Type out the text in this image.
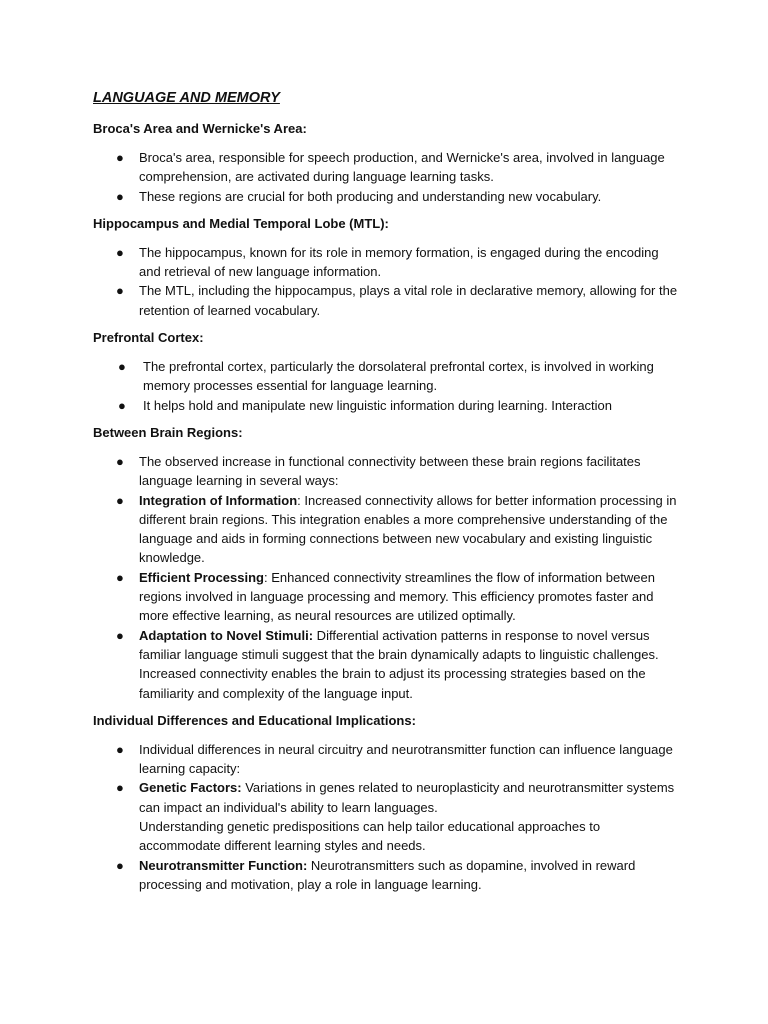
LANGUAGE AND MEMORY
Broca's Area and Wernicke's Area:
● Broca's area, responsible for speech production, and Wernicke's area, involved in language comprehension, are activated during language learning tasks.
● These regions are crucial for both producing and understanding new vocabulary.
Hippocampus and Medial Temporal Lobe (MTL):
● The hippocampus, known for its role in memory formation, is engaged during the encoding and retrieval of new language information.
● The MTL, including the hippocampus, plays a vital role in declarative memory, allowing for the retention of learned vocabulary.
Prefrontal Cortex:
● The prefrontal cortex, particularly the dorsolateral prefrontal cortex, is involved in working memory processes essential for language learning.
● It helps hold and manipulate new linguistic information during learning. Interaction
Between Brain Regions:
● The observed increase in functional connectivity between these brain regions facilitates language learning in several ways:
● Integration of Information: Increased connectivity allows for better information processing in different brain regions. This integration enables a more comprehensive understanding of the language and aids in forming connections between new vocabulary and existing linguistic knowledge.
● Efficient Processing: Enhanced connectivity streamlines the flow of information between regions involved in language processing and memory. This efficiency promotes faster and more effective learning, as neural resources are utilized optimally.
● Adaptation to Novel Stimuli: Differential activation patterns in response to novel versus familiar language stimuli suggest that the brain dynamically adapts to linguistic challenges. Increased connectivity enables the brain to adjust its processing strategies based on the familiarity and complexity of the language input.
Individual Differences and Educational Implications:
● Individual differences in neural circuitry and neurotransmitter function can influence language learning capacity:
● Genetic Factors: Variations in genes related to neuroplasticity and neurotransmitter systems can impact an individual's ability to learn languages.
Understanding genetic predispositions can help tailor educational approaches to accommodate different learning styles and needs.
● Neurotransmitter Function: Neurotransmitters such as dopamine, involved in reward processing and motivation, play a role in language learning.
